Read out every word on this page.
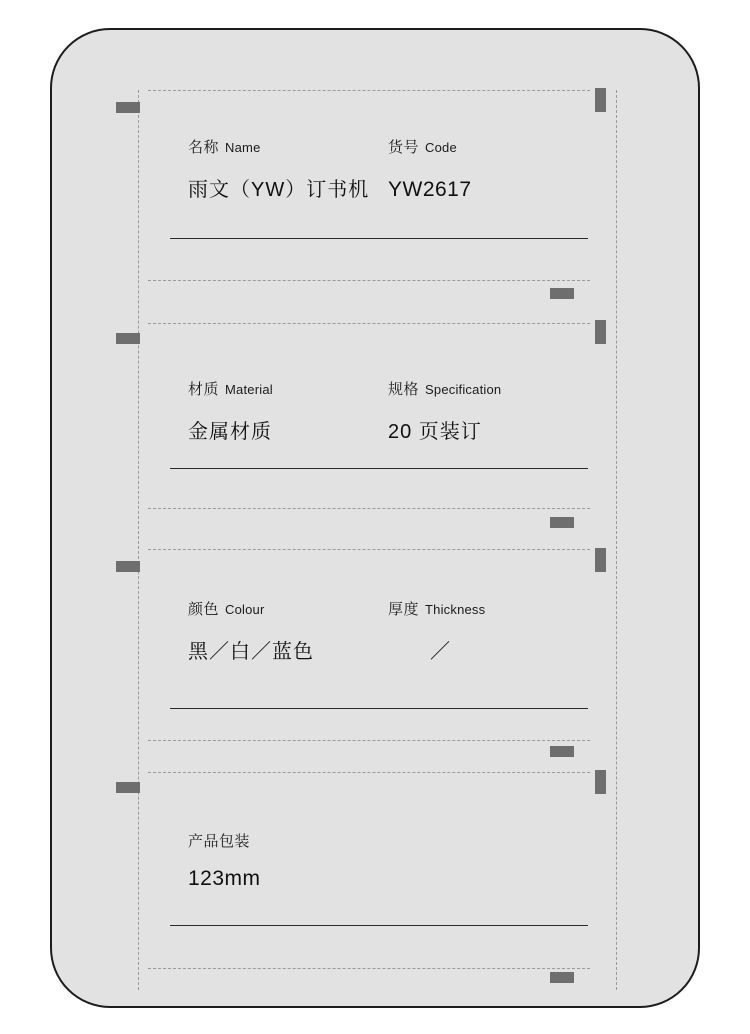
名称 Name	货号 Code
雨文（YW）订书机 YW2617
材质 Material	规格 Specification
金属材质	20 页装订
颜色 Colour	厚度 Thickness
黑／白／蓝色	／
产品包装
123mm
